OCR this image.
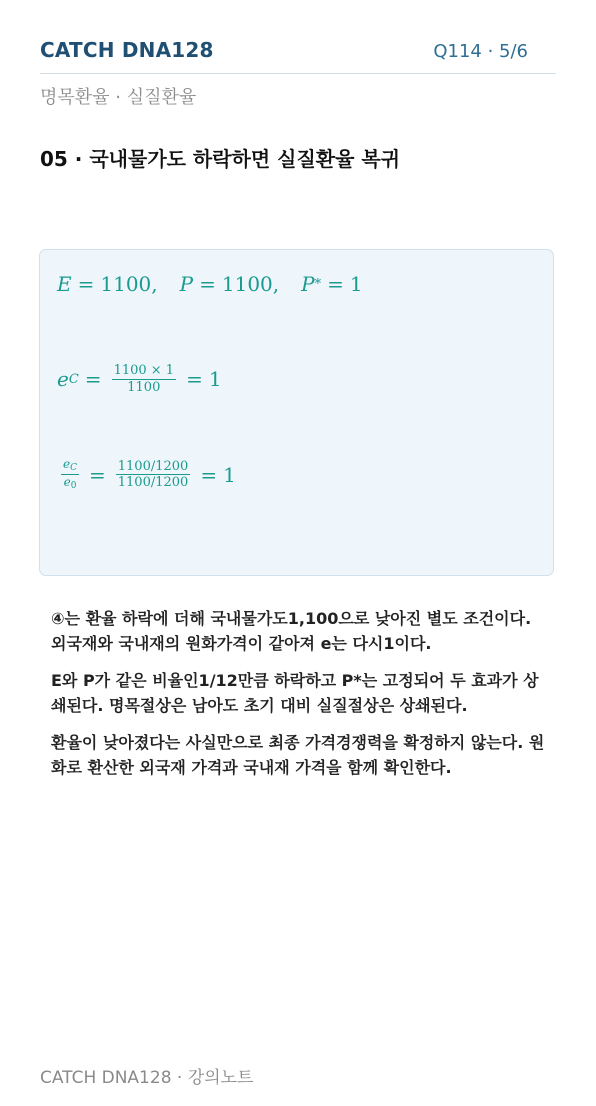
CATCH DNA128	Q114 · 5/6
명목환율 · 실질환율
05 · 국내물가도 하락하면 실질환율 복귀
E = 1100, P = 1100, P * = 1
e $C = \frac{1100 \times 1}{1100} = 1$
$\frac{eC}{e0} = \frac{1100/1200}{1100/1200} = 1$

④는 환율 하락에 더해 국내물가도1,100으로 낮아진 별도 조건이다. 외국재와 국내재의 원화가격이 같아져 e는 다시1이다.

E와 P가 같은 비율인1/12만큼 하락하고 P*는 고정되어 두 효과가 상쇄된다. 명목절상은 남아도 초기 대비 실질절상은 상쇄된다.

환율이 낮아졌다는 사실만으로 최종 가격경쟁력을 확정하지 않는다. 원화로 환산한 외국재 가격과 국내재 가격을 함께 확인한다.

CATCH DNA128 · 강의노트
